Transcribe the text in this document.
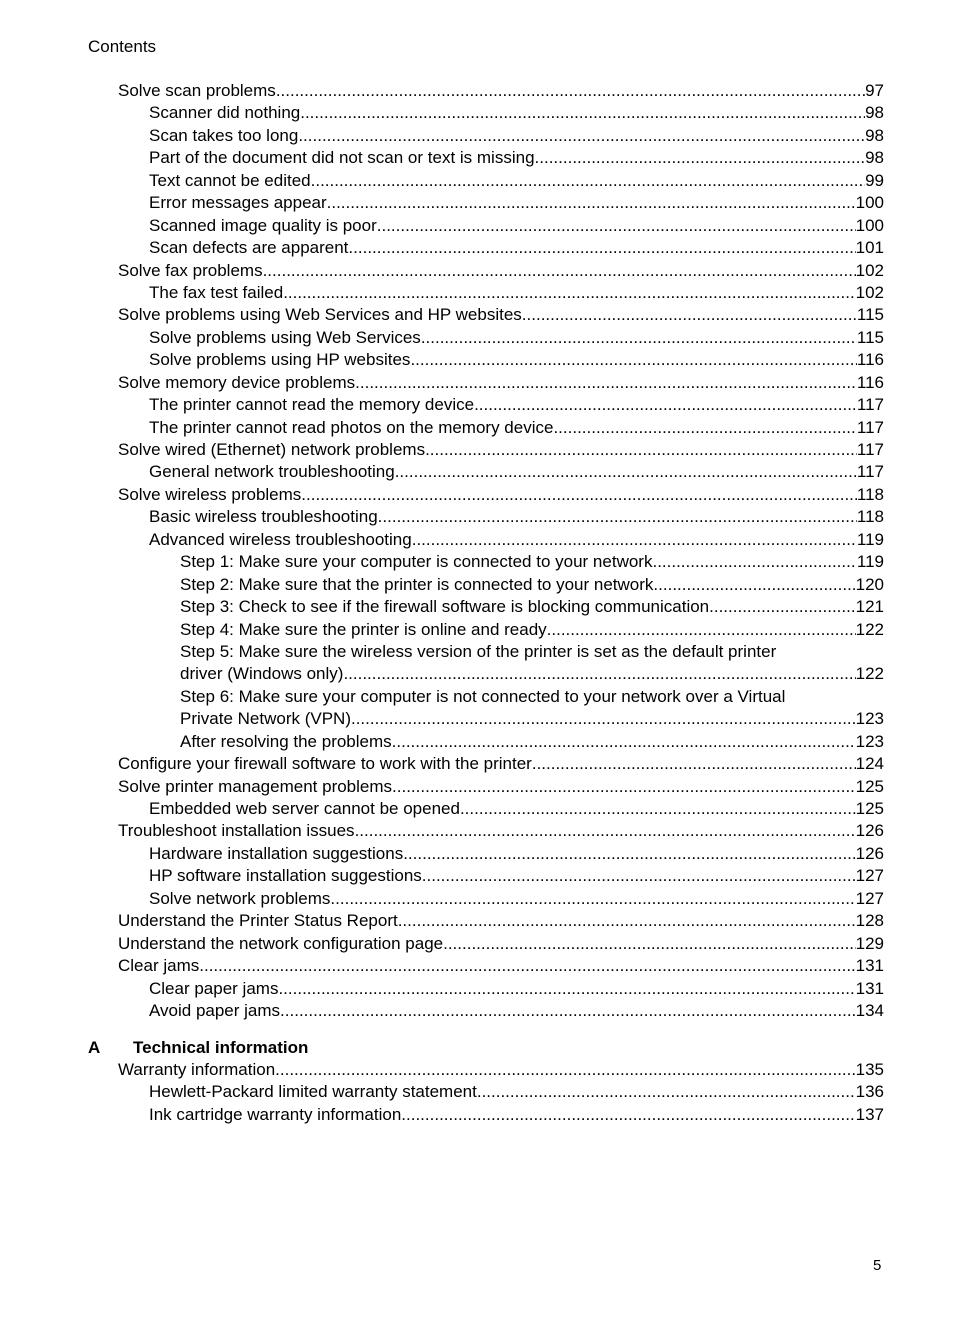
Contents
Solve scan problems .....	97
Scanner did nothing .....	98
Scan takes too long .....	98
Part of the document did not scan or text is missing .....	98
Text cannot be edited .....	99
Error messages appear .....	100
Scanned image quality is poor .....	100
Scan defects are apparent .....	101
Solve fax problems .....	102
The fax test failed .....	102
Solve problems using Web Services and HP websites .....	115
Solve problems using Web Services .....	115
Solve problems using HP websites .....	116
Solve memory device problems .....	116
The printer cannot read the memory device .....	117
The printer cannot read photos on the memory device .....	117
Solve wired (Ethernet) network problems .....	117
General network troubleshooting .....	117
Solve wireless problems .....	118
Basic wireless troubleshooting .....	118
Advanced wireless troubleshooting .....	119
Step 1: Make sure your computer is connected to your network .....	119
Step 2: Make sure that the printer is connected to your network .....	120
Step 3: Check to see if the firewall software is blocking communication .....	121
Step 4: Make sure the printer is online and ready .....	122
Step 5: Make sure the wireless version of the printer is set as the default printer
driver (Windows only) .....	122
Step 6: Make sure your computer is not connected to your network over a Virtual
Private Network (VPN) .....	123
After resolving the problems .....	123
Configure your firewall software to work with the printer .....	124
Solve printer management problems .....	125
Embedded web server cannot be opened .....	125
Troubleshoot installation issues .....	126
Hardware installation suggestions .....	126
HP software installation suggestions .....	127
Solve network problems .....	127
Understand the Printer Status Report .....	128
Understand the network configuration page .....	129
Clear jams .....	131
Clear paper jams .....	131
Avoid paper jams .....	134
A Technical information
Warranty information .....	135
Hewlett-Packard limited warranty statement .....	136
Ink cartridge warranty information .....	137
5
